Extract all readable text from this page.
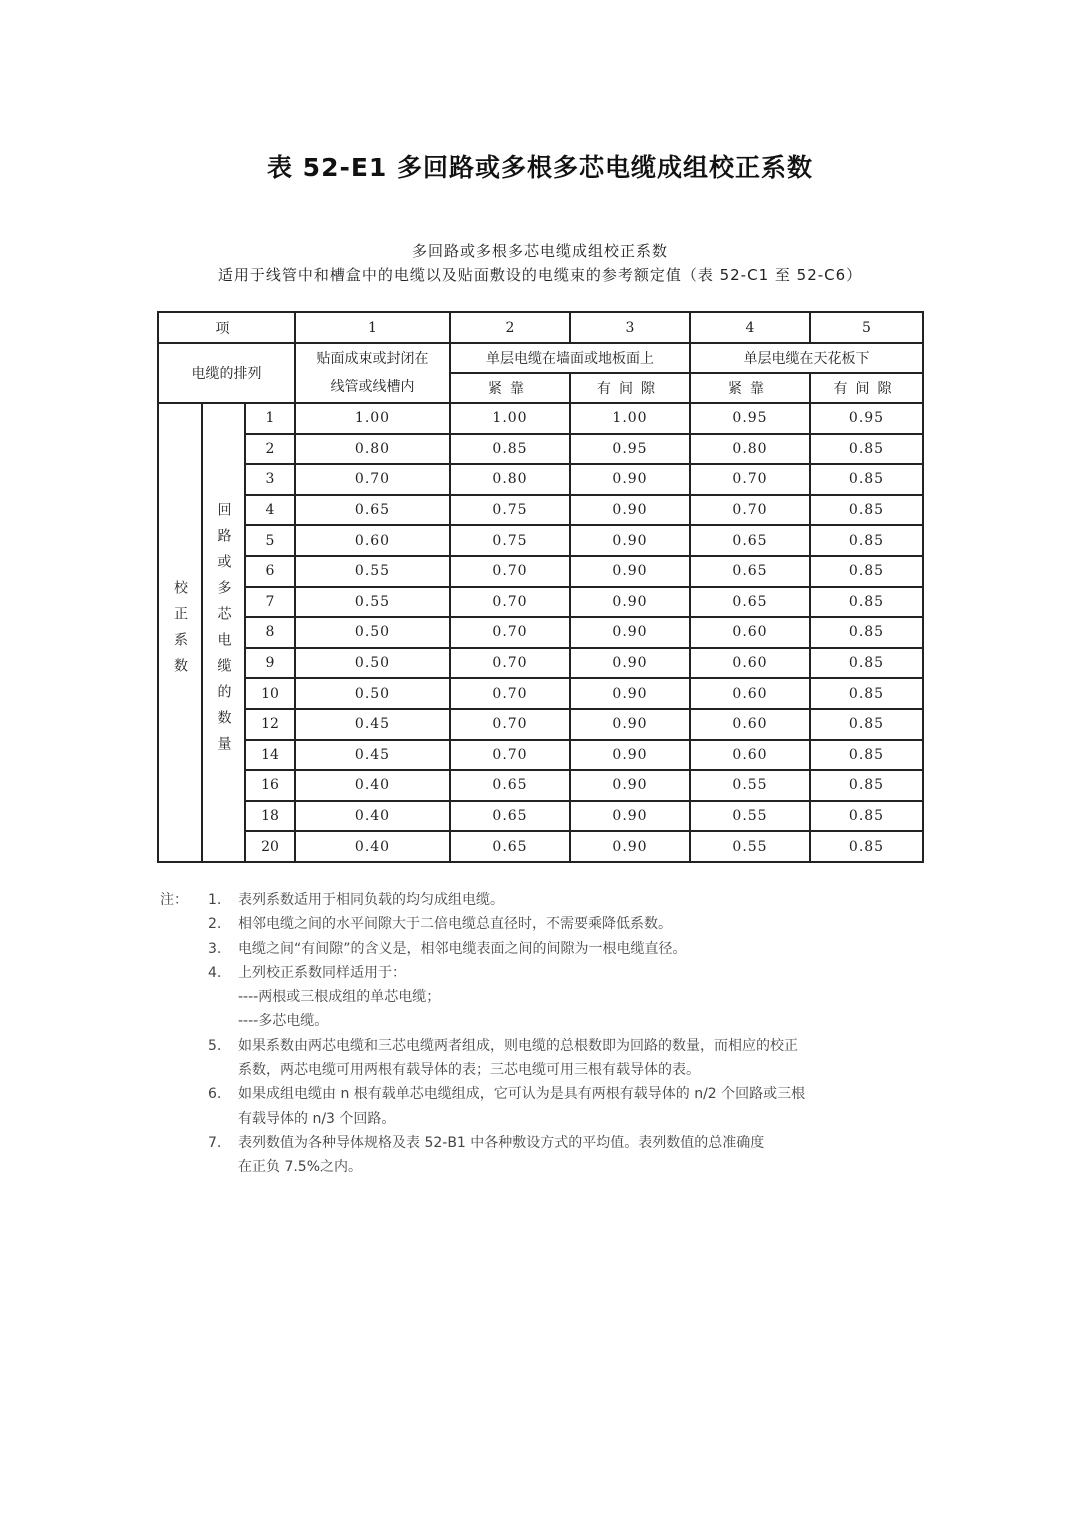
表 52-E1 多回路或多根多芯电缆成组校正系数
多回路或多根多芯电缆成组校正系数
适用于线管中和槽盒中的电缆以及贴面敷设的电缆束的参考额定值（表 52-C1 至 52-C6）
项			1	2	3	4	5
电缆的排列			贴面成束或封闭在线管或线槽内	单层电缆在墙面或地板面上		单层电缆在天花板下	
				紧靠	有间隙	紧靠	有间隙
校正系数	回路或多芯电缆的数量	1	1.00	1.00	1.00	0.95	0.95
		2	0.80	0.85	0.95	0.80	0.85
		3	0.70	0.80	0.90	0.70	0.85
		4	0.65	0.75	0.90	0.70	0.85
		5	0.60	0.75	0.90	0.65	0.85
		6	0.55	0.70	0.90	0.65	0.85
		7	0.55	0.70	0.90	0.65	0.85
		8	0.50	0.70	0.90	0.60	0.85
		9	0.50	0.70	0.90	0.60	0.85
		10	0.50	0.70	0.90	0.60	0.85
		12	0.45	0.70	0.90	0.60	0.85
		14	0.45	0.70	0.90	0.60	0.85
		16	0.40	0.65	0.90	0.55	0.85
		18	0.40	0.65	0.90	0.55	0.85
		20	0.40	0.65	0.90	0.55	0.85
注： 1.	表列系数适用于相同负载的均匀成组电缆。
2.	相邻电缆之间的水平间隙大于二倍电缆总直径时，不需要乘降低系数。
3.	电缆之间“有间隙”的含义是，相邻电缆表面之间的间隙为一根电缆直径。
4.	上列校正系数同样适用于：
----两根或三根成组的单芯电缆；
----多芯电缆。
5.	如果系数由两芯电缆和三芯电缆两者组成，则电缆的总根数即为回路的数量，而相应的校正
系数，两芯电缆可用两根有载导体的表；三芯电缆可用三根有载导体的表。
6.	如果成组电缆由 n 根有载单芯电缆组成，它可认为是具有两根有载导体的 n/2 个回路或三根
有载导体的 n/3 个回路。
7.	表列数值为各种导体规格及表 52-B1 中各种敷设方式的平均值。表列数值的总准确度
在正负 7.5%之内。
